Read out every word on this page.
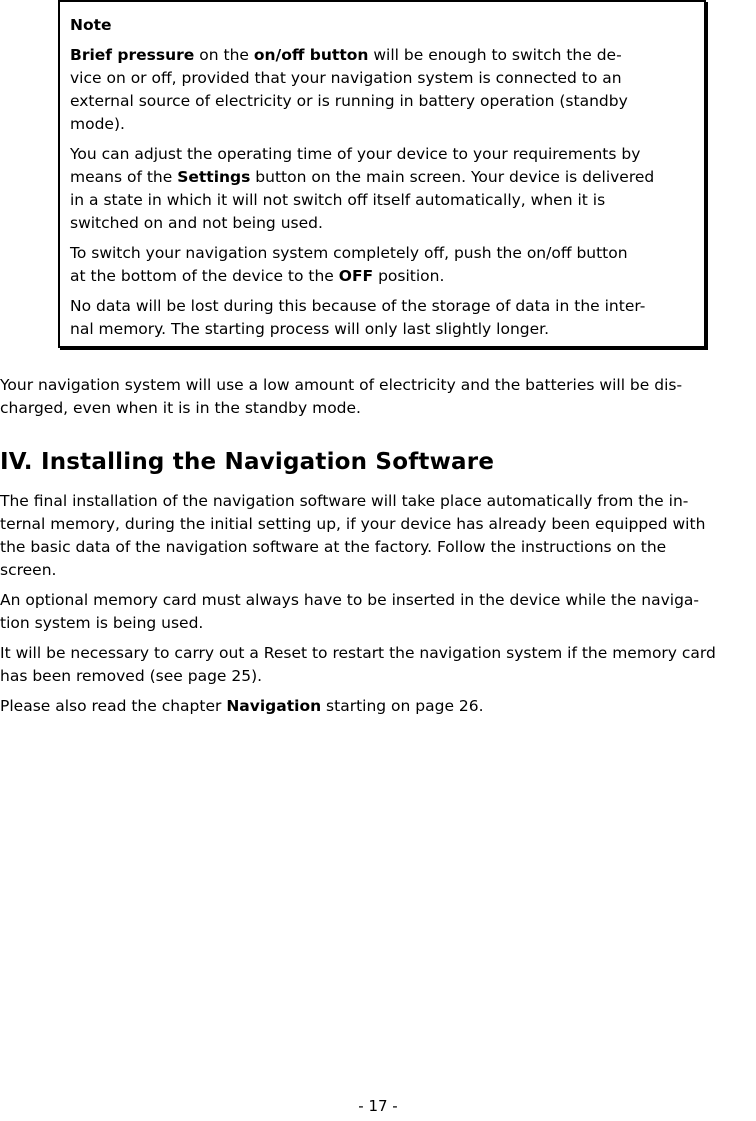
Note

Brief pressure on the on/off button will be enough to switch the de-
vice on or off, provided that your navigation system is connected to an
external source of electricity or is running in battery operation (standby
mode).

You can adjust the operating time of your device to your requirements by
means of the Settings button on the main screen. Your device is delivered
in a state in which it will not switch off itself automatically, when it is
switched on and not being used.

To switch your navigation system completely off, push the on/off button
at the bottom of the device to the OFF position.

No data will be lost during this because of the storage of data in the inter-
nal memory. The starting process will only last slightly longer.

Your navigation system will use a low amount of electricity and the batteries will be dis-
charged, even when it is in the standby mode.

IV. Installing the Navigation Software

The final installation of the navigation software will take place automatically from the in-
ternal memory, during the initial setting up, if your device has already been equipped with
the basic data of the navigation software at the factory. Follow the instructions on the
screen.

An optional memory card must always have to be inserted in the device while the naviga-
tion system is being used.

It will be necessary to carry out a Reset to restart the navigation system if the memory card
has been removed (see page 25).

Please also read the chapter Navigation starting on page 26.

- 17 -
